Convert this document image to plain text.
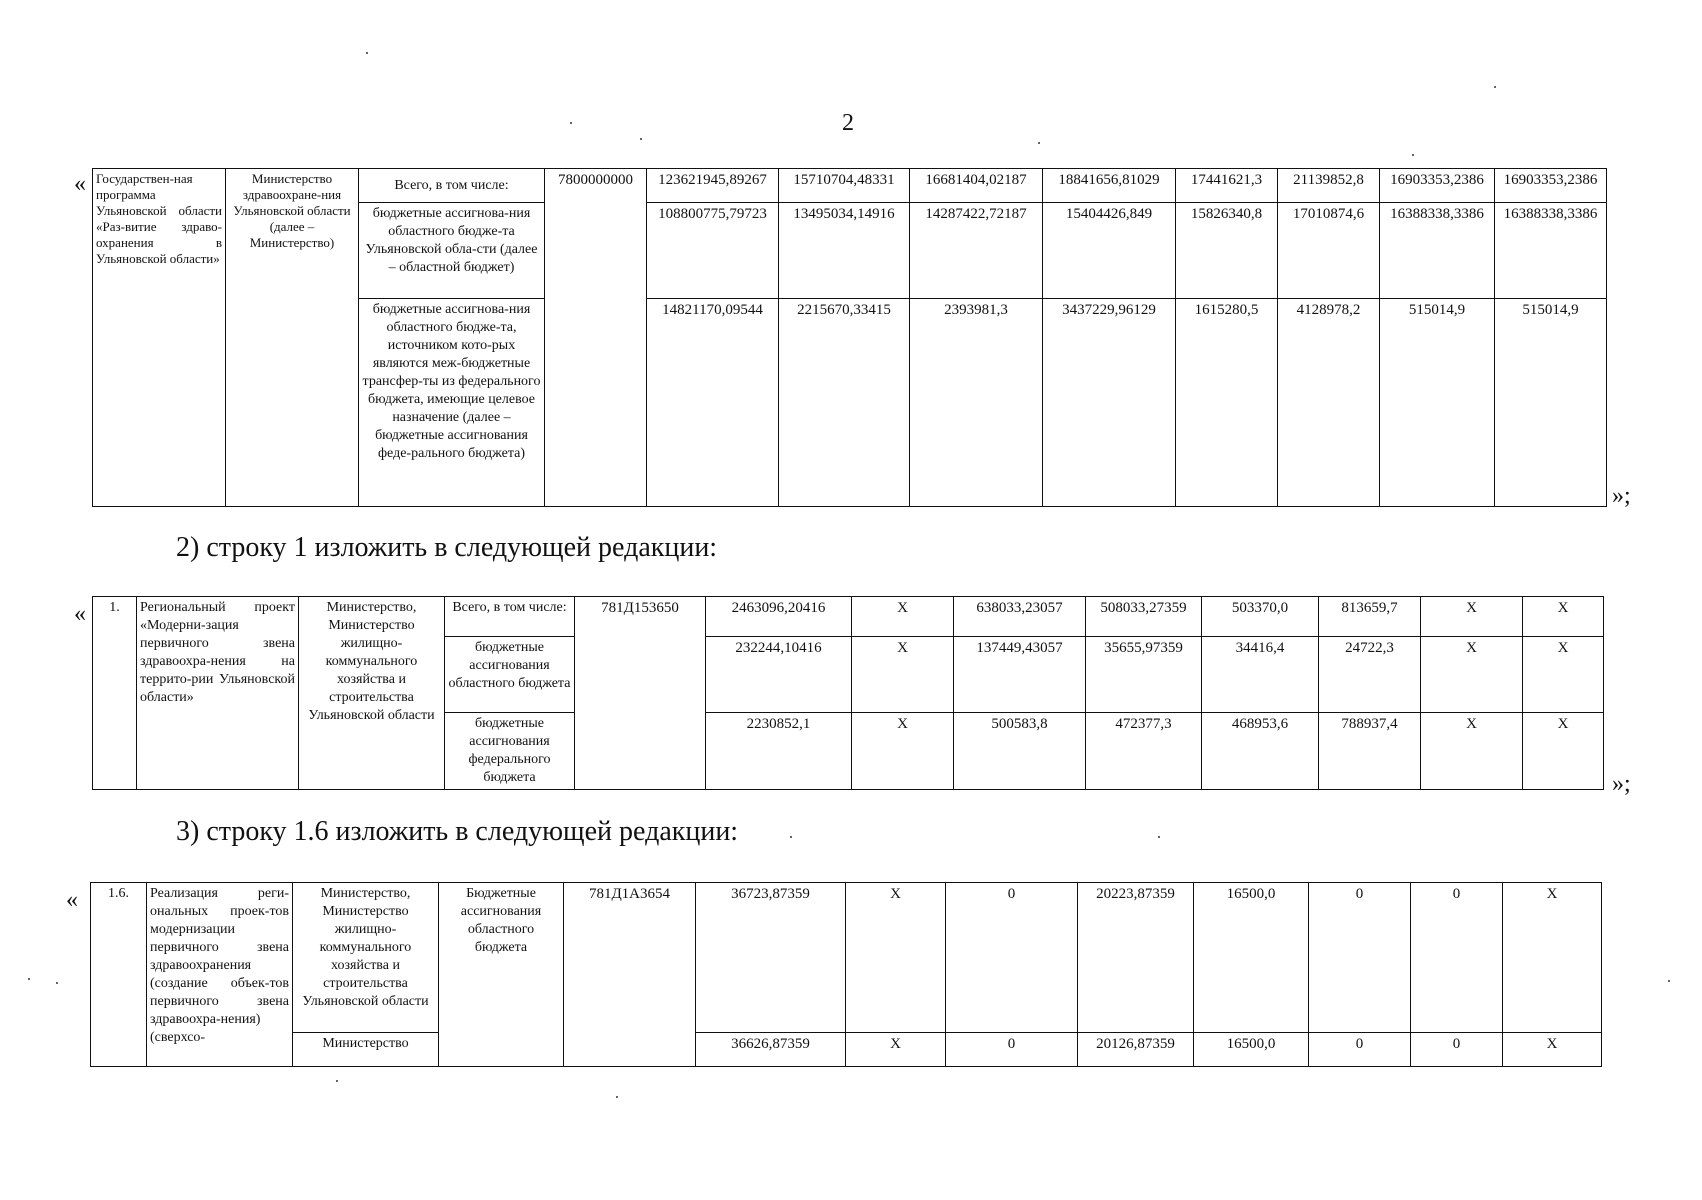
2
« Государствен-ная программа Ульяновской области «Раз-витие здраво-охранения в Ульяновской области»	Министерство здравоохране-ния Ульяновской области (далее – Министерство)	Всего, в том числе:	7800000000	123621945,89267	15710704,48331	16681404,02187	18841656,81029	17441621,3	21139852,8	16903353,2386	16903353,2386
		бюджетные ассигнова-ния областного бюдже-та Ульяновской обла-сти (далее – областной бюджет)		108800775,79723	13495034,14916	14287422,72187	15404426,849	15826340,8	17010874,6	16388338,3386	16388338,3386
		бюджетные ассигнова-ния областного бюдже-та, источником кото-рых являются меж-бюджетные трансфер-ты из федерального бюджета, имеющие целевое назначение (далее – бюджетные ассигнования феде-рального бюджета)		14821170,09544	2215670,33415	2393981,3	3437229,96129	1615280,5	4128978,2	515014,9	515014,9
»;
2) строку 1 изложить в следующей редакции:
« 1.	Региональный проект «Модерни-зация первичного звена здравоохра-нения на террито-рии Ульяновской области»	Министерство, Министерство жилищно-коммунального хозяйства и строительства Ульяновской области	Всего, в том числе:	781Д153650	2463096,20416	X	638033,23057	508033,27359	503370,0	813659,7	X	X
			бюджетные ассигнования областного бюджета		232244,10416	X	137449,43057	35655,97359	34416,4	24722,3	X	X
			бюджетные ассигнования федерального бюджета		2230852,1	X	500583,8	472377,3	468953,6	788937,4	X	X
»;
3) строку 1.6 изложить в следующей редакции:
« 1.6.	Реализация реги-ональных проек-тов модернизации первичного звена здравоохранения (создание объек-тов первичного звена здравоохра-нения) (сверхсо-	Министерство, Министерство жилищно-коммунального хозяйства и строительства Ульяновской области	Бюджетные ассигнования областного бюджета	781Д1А3654	36723,87359	X	0	20223,87359	16500,0	0	0	X
		Министерство			36626,87359	X	0	20126,87359	16500,0	0	0	X
